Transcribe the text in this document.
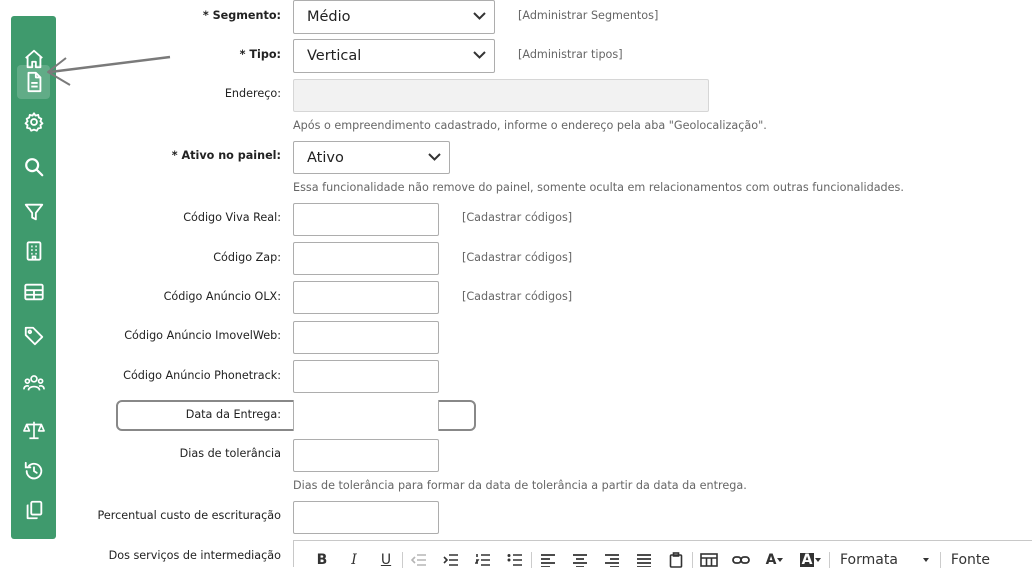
* Segmento: Médio	[Administrar Segmentos]
* Tipo: Vertical	[Administrar tipos]
Endereço:
Após o empreendimento cadastrado, informe o endereço pela aba "Geolocalização".
* Ativo no painel: Ativo
Essa funcionalidade não remove do painel, somente oculta em relacionamentos com outras funcionalidades.
Código Viva Real:	[Cadastrar códigos]
Código Zap:	[Cadastrar códigos]
Código Anúncio OLX:	[Cadastrar códigos]
Código Anúncio ImovelWeb:
Código Anúncio Phonetrack:
Data da Entrega:
Dias de tolerância
Dias de tolerância para formar da data de tolerância a partir da data da entrega.
Percentual custo de escrituração
Dos serviços de intermediação	B	I	U	A A Formata	Fonte
